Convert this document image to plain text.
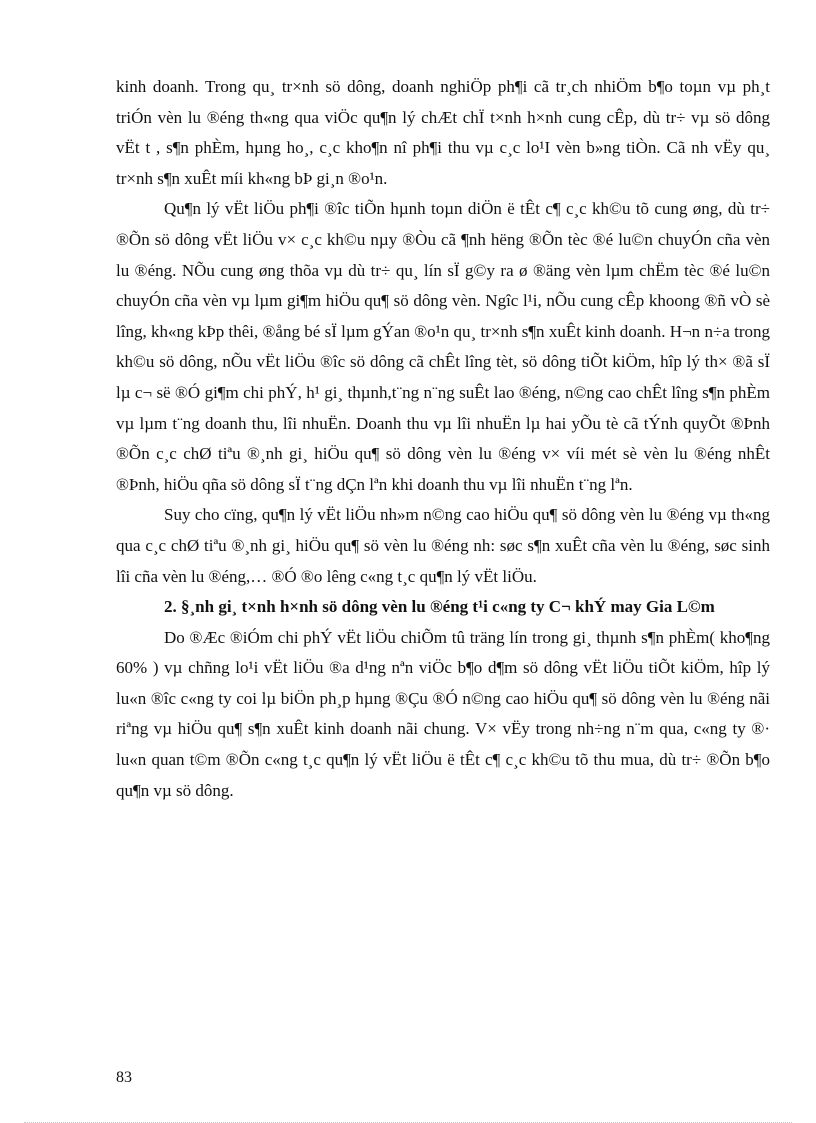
kinh doanh. Trong qu¸ tr×nh sö dông, doanh nghiÖp ph¶i cã tr¸ch nhiÖm b¶o toµn vµ ph¸t triÓn vèn lu ®éng th«ng qua viÖc qu¶n lý chÆt chÏ t×nh h×nh cung cÊp, dù tr÷ vµ sö dông vËt t , s¶n phÈm, hµng ho¸, c¸c kho¶n nî ph¶i thu vµ c¸c lo¹I vèn b»ng tiÒn. Cã nh vËy qu¸ tr×nh s¶n xuÊt míi kh«ng bÞ gi¸n ®o¹n.

Qu¶n lý vËt liÖu ph¶i ®îc tiÕn hµnh toµn diÖn ë tÊt c¶ c¸c kh©u tõ cung øng, dù tr÷ ®Õn sö dông vËt liÖu v× c¸c kh©u nµy ®Òu cã ¶nh hëng ®Õn tèc ®é lu©n chuyÓn cña vèn lu ®éng. NÕu cung øng thõa vµ dù tr÷ qu¸ lín sÏ g©y ra ø ®äng vèn lµm chËm tèc ®é lu©n chuyÓn cña vèn vµ lµm gi¶m hiÖu qu¶ sö dông vèn. Ngîc l¹i, nÕu cung cÊp khoong ®ñ vÒ sè lîng, kh«ng kÞp thêi, ®ång bé sÏ lµm gÝan ®o¹n qu¸ tr×nh s¶n xuÊt kinh doanh. H¬n n÷a trong kh©u sö dông, nÕu vËt liÖu ®îc sö dông cã chÊt lîng tèt, sö dông tiÕt kiÖm, hîp lý th× ®ã sÏ lµ c¬ së ®Ó gi¶m chi phÝ, h¹ gi¸ thµnh,t¨ng n¨ng suÊt lao ®éng, n©ng cao chÊt lîng s¶n phÈm vµ lµm t¨ng doanh thu, lîi nhuËn. Doanh thu vµ lîi nhuËn lµ hai yÕu tè cã tÝnh quyÕt ®Þnh ®Õn c¸c chØ tiªu ®¸nh gi¸ hiÖu qu¶ sö dông vèn lu ®éng v× víi mét sè vèn lu ®éng nhÊt ®Þnh, hiÖu qña sö dông sÏ t¨ng dÇn lªn khi doanh thu vµ lîi nhuËn t¨ng lªn.

Suy cho cïng, qu¶n lý vËt liÖu nh»m n©ng cao hiÖu qu¶ sö dông vèn lu ®éng vµ th«ng qua c¸c chØ tiªu ®¸nh gi¸ hiÖu qu¶ sö vèn lu ®éng nh: søc s¶n xuÊt cña vèn lu ®éng, søc sinh lîi cña vèn lu ®éng,… ®Ó ®o lêng c«ng t¸c qu¶n lý vËt liÖu.

2. §¸nh gi¸ t×nh h×nh sö dông vèn lu ®éng t¹i c«ng ty C¬ khÝ may Gia L©m

Do ®Æc ®iÓm chi phÝ vËt liÖu chiÕm tû träng lín trong gi¸ thµnh s¶n phÈm( kho¶ng 60% ) vµ chñng lo¹i vËt liÖu ®a d¹ng nªn viÖc b¶o d¶m sö dông vËt liÖu tiÕt kiÖm, hîp lý lu«n ®îc c«ng ty coi lµ biÖn ph¸p hµng ®Çu ®Ó n©ng cao hiÖu qu¶ sö dông vèn lu ®éng nãi riªng vµ hiÖu qu¶ s¶n xuÊt kinh doanh nãi chung. V× vËy trong nh÷ng n¨m qua, c«ng ty ®· lu«n quan t©m ®Õn c«ng t¸c qu¶n lý vËt liÖu ë tÊt c¶ c¸c kh©u tõ thu mua, dù tr÷ ®Õn b¶o qu¶n vµ sö dông.

83
